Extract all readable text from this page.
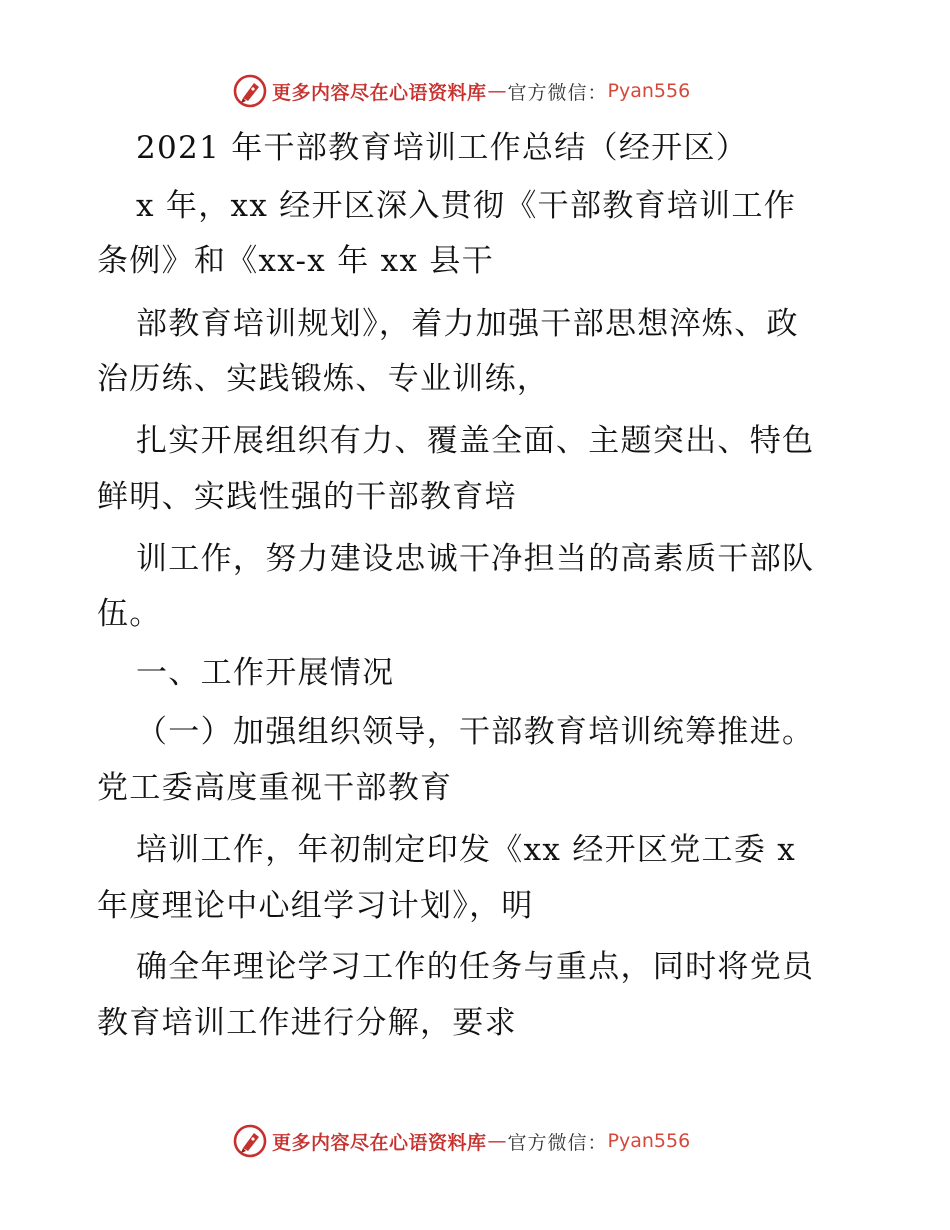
更多内容尽在心语资料库 — 官方微信： Pyan556
2021 年干部教育培训工作总结（经开区）
x 年，xx 经开区深入贯彻《干部教育培训工作
条例》和《xx-x 年 xx 县干
部教育培训规划》，着力加强干部思想淬炼、政
治历练、实践锻炼、专业训练，
扎实开展组织有力、覆盖全面、主题突出、特色
鲜明、实践性强的干部教育培
训工作，努力建设忠诚干净担当的高素质干部队
伍。
一、工作开展情况
（一）加强组织领导，干部教育培训统筹推进。
党工委高度重视干部教育
培训工作，年初制定印发《xx 经开区党工委 x
年度理论中心组学习计划》，明
确全年理论学习工作的任务与重点，同时将党员
教育培训工作进行分解，要求
更多内容尽在心语资料库 — 官方微信： Pyan556
